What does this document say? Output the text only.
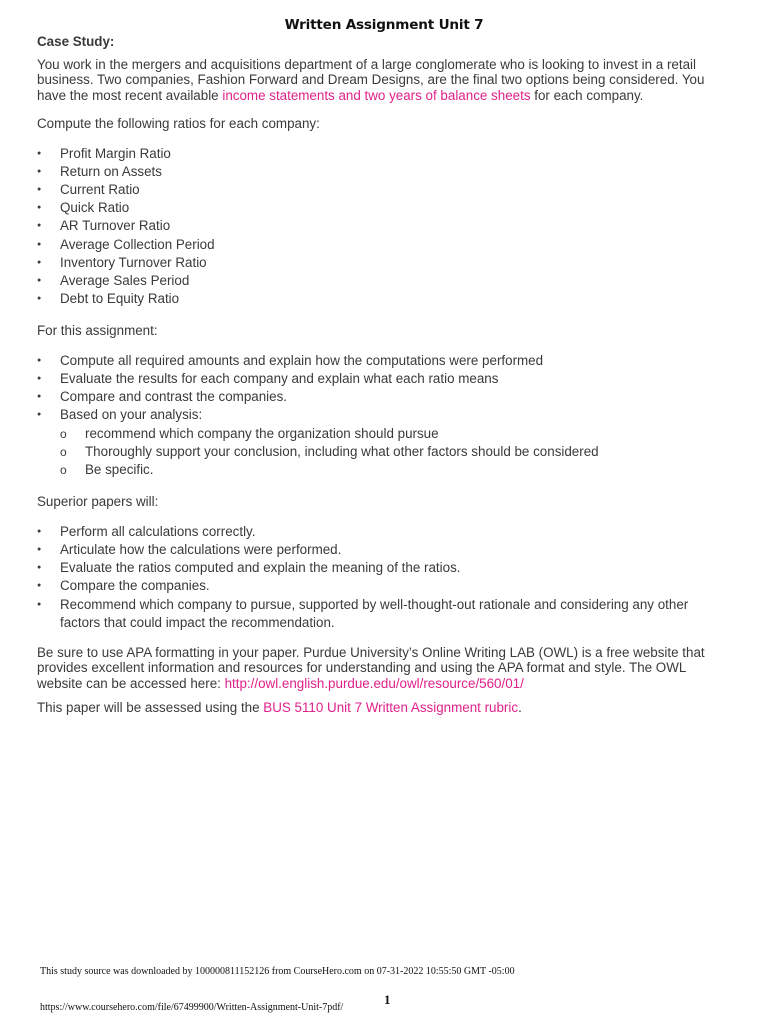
Written Assignment Unit 7
Case Study:

You work in the mergers and acquisitions department of a large conglomerate who is looking to invest in a retail business. Two companies, Fashion Forward and Dream Designs, are the final two options being considered. You have the most recent available income statements and two years of balance sheets for each company.

Compute the following ratios for each company:

● Profit Margin Ratio
● Return on Assets
● Current Ratio
● Quick Ratio
● AR Turnover Ratio
● Average Collection Period
● Inventory Turnover Ratio
● Average Sales Period
● Debt to Equity Ratio

For this assignment:

● Compute all required amounts and explain how the computations were performed
● Evaluate the results for each company and explain what each ratio means
● Compare and contrast the companies.
● Based on your analysis:
o recommend which company the organization should pursue
o Thoroughly support your conclusion, including what other factors should be considered
o Be specific.

Superior papers will:

● Perform all calculations correctly.
● Articulate how the calculations were performed.
● Evaluate the ratios computed and explain the meaning of the ratios.
● Compare the companies.
● Recommend which company to pursue, supported by well-thought-out rationale and considering any other factors that could impact the recommendation.

Be sure to use APA formatting in your paper. Purdue University’s Online Writing LAB (OWL) is a free website that provides excellent information and resources for understanding and using the APA format and style. The OWL website can be accessed here: http://owl.english.purdue.edu/owl/resource/560/01/

This paper will be assessed using the BUS 5110 Unit 7 Written Assignment rubric.

This study source was downloaded by 100000811152126 from CourseHero.com on 07-31-2022 10:55:50 GMT -05:00
1
https://www.coursehero.com/file/67499900/Written-Assignment-Unit-7pdf/
